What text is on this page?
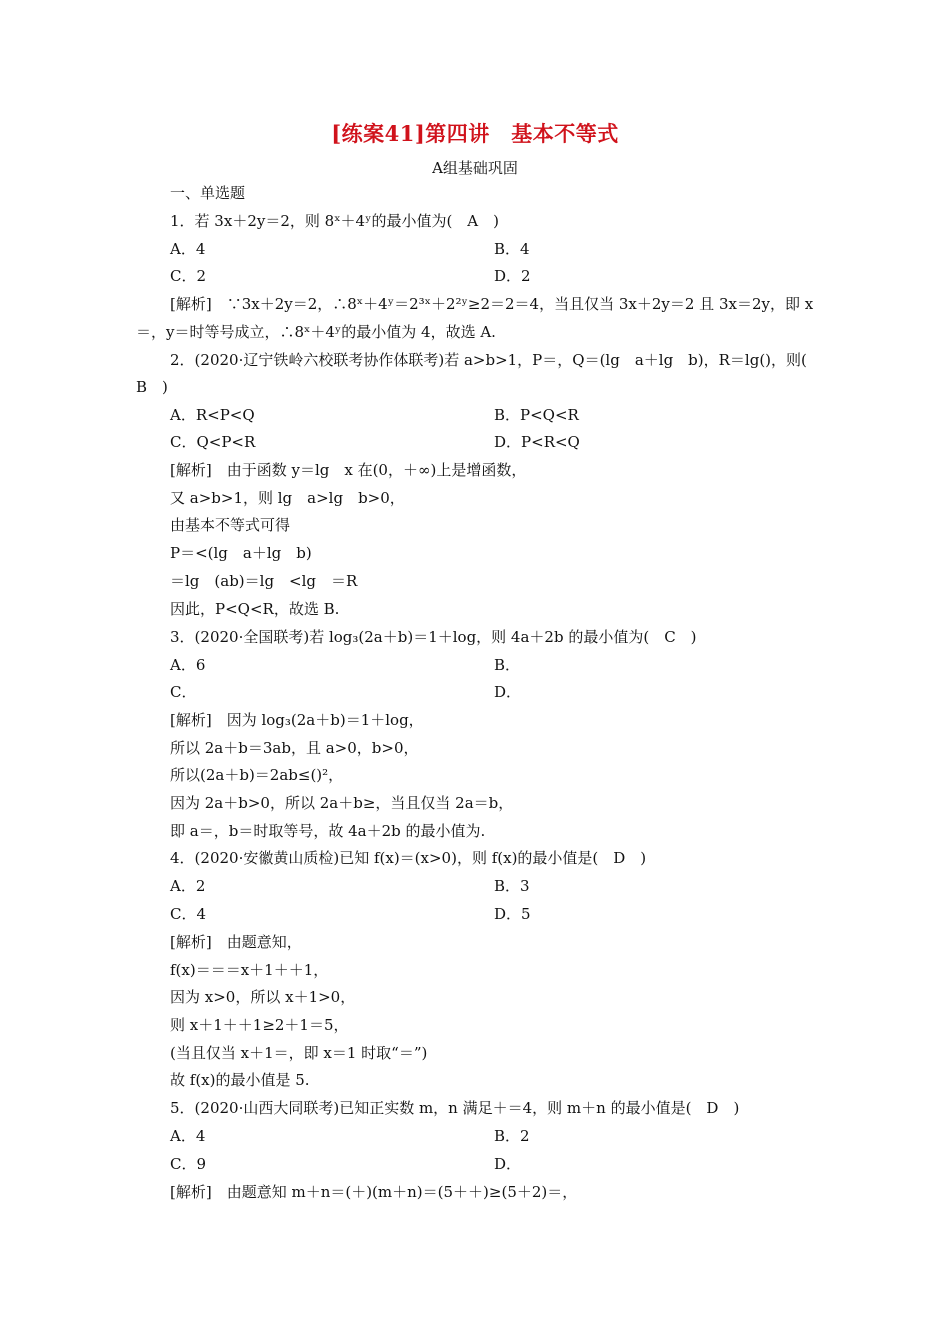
[练案41]第四讲　基本不等式
A组基础巩固
一、单选题
1．若 3x＋2y＝2，则 8ˣ＋4ʸ的最小值为(　A　)
A．4	B．4
C．2	D．2
[解析]　∵3x＋2y＝2，∴8ˣ＋4ʸ＝2³ˣ＋2²ʸ≥2＝2＝4，当且仅当 3x＋2y＝2 且 3x＝2y，即 x
＝，y＝时等号成立，∴8ˣ＋4ʸ的最小值为 4，故选 A.
2．(2020·辽宁铁岭六校联考协作体联考)若 a>b>1，P＝，Q＝(lg　a＋lg　b)，R＝lg()，则(
B　)
A．R<P<Q	B．P<Q<R
C．Q<P<R	D．P<R<Q
[解析]　由于函数 y＝lg　x 在(0，＋∞)上是增函数，
又 a>b>1，则 lg　a>lg　b>0，
由基本不等式可得
P＝<(lg　a＋lg　b)
＝lg　(ab)＝lg　<lg　＝R
因此，P<Q<R，故选 B.
3．(2020·全国联考)若 log₃(2a＋b)＝1＋log，则 4a＋2b 的最小值为(　C　)
A．6	B．
C．	D．
[解析]　因为 log₃(2a＋b)＝1＋log，
所以 2a＋b＝3ab，且 a>0，b>0，
所以(2a＋b)＝2ab≤()²，
因为 2a＋b>0，所以 2a＋b≥，当且仅当 2a＝b，
即 a＝，b＝时取等号，故 4a＋2b 的最小值为.
4．(2020·安徽黄山质检)已知 f(x)＝(x>0)，则 f(x)的最小值是(　D　)
A．2	B．3
C．4	D．5
[解析]　由题意知，
f(x)＝＝＝x＋1＋＋1，
因为 x>0，所以 x＋1>0，
则 x＋1＋＋1≥2＋1＝5，
(当且仅当 x＋1＝，即 x＝1 时取“＝”)
故 f(x)的最小值是 5.
5．(2020·山西大同联考)已知正实数 m，n 满足＋＝4，则 m＋n 的最小值是(　D　)
A．4	B．2
C．9	D．
[解析]　由题意知 m＋n＝(＋)(m＋n)＝(5＋＋)≥(5＋2)＝，
